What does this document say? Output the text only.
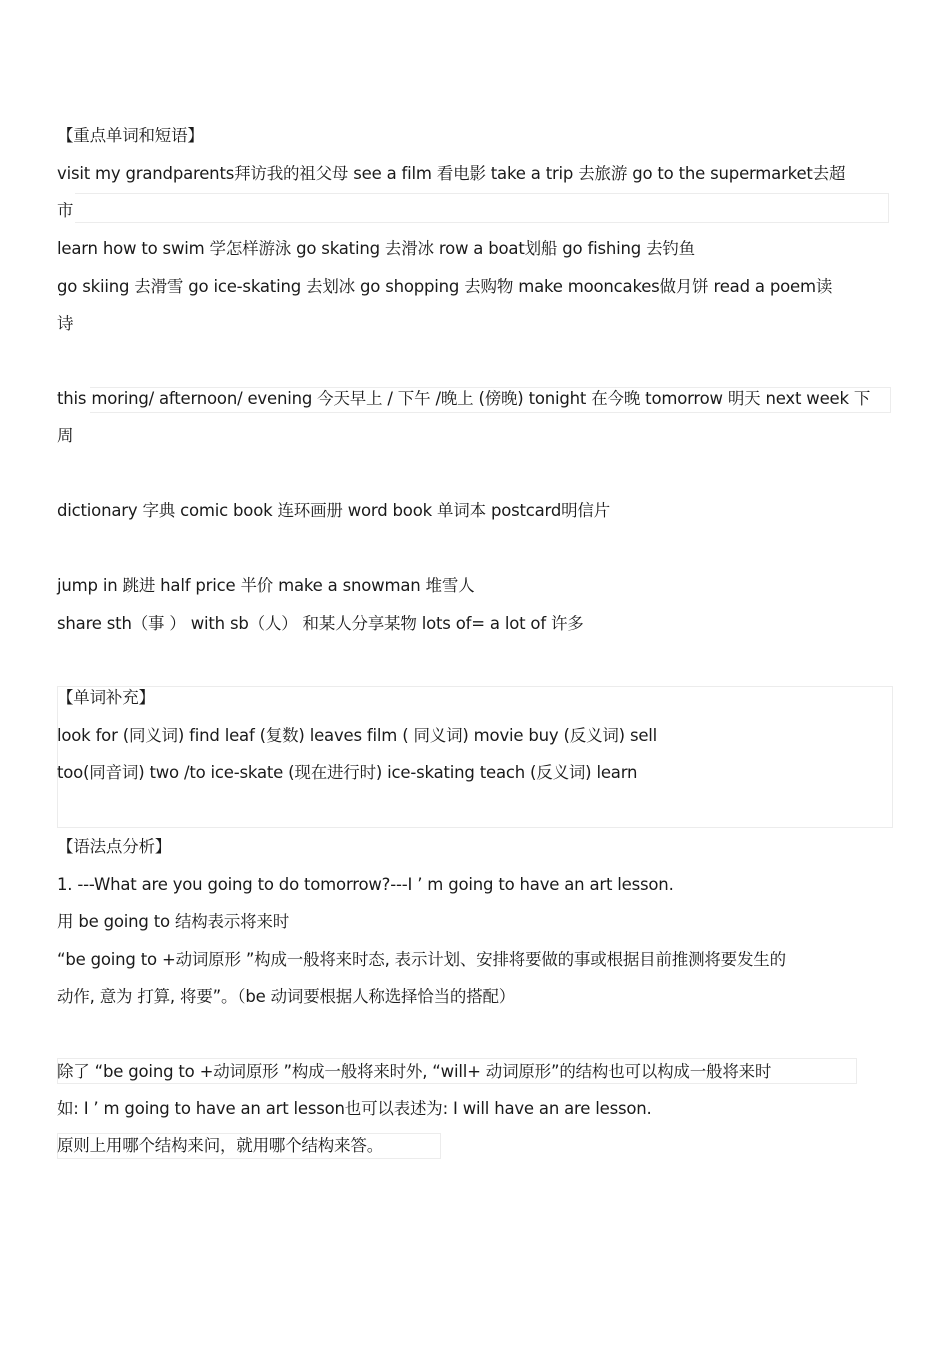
【重点单词和短语】
visit my grandparents拜访我的祖父母 see a film 看电影 take a trip 去旅游 go to the supermarket去超
市
learn how to swim 学怎样游泳 go skating 去滑冰 row a boat划船 go fishing 去钓鱼
go skiing 去滑雪 go ice-skating 去划冰 go shopping 去购物 make mooncakes做月饼 read a poem读
诗
this moring/ afternoon/ evening 今天早上 / 下午 /晚上 (傍晚) tonight 在今晚 tomorrow 明天 next week 下
周
dictionary 字典 comic book 连环画册 word book 单词本 postcard明信片
jump in 跳进 half price 半价 make a snowman 堆雪人
share sth（事 ） with sb（人） 和某人分享某物 lots of= a lot of 许多
【单词补充】
look for (同义词) find leaf (复数) leaves film ( 同义词) movie buy (反义词) sell
too(同音词) two /to ice-skate (现在进行时) ice-skating teach (反义词) learn
【语法点分析】
1. ---What are you going to do tomorrow?---I ’ m going to have an art lesson.
用 be going to 结构表示将来时
“be going to +动词原形 ”构成一般将来时态, 表示计划、安排将要做的事或根据目前推测将要发生的
动作, 意为 打算, 将要”。（be 动词要根据人称选择恰当的搭配）
除了 “be going to +动词原形 ”构成一般将来时外, “will+ 动词原形”的结构也可以构成一般将来时
如: I ’ m going to have an art lesson也可以表述为: I will have an are lesson.
原则上用哪个结构来问，就用哪个结构来答。
